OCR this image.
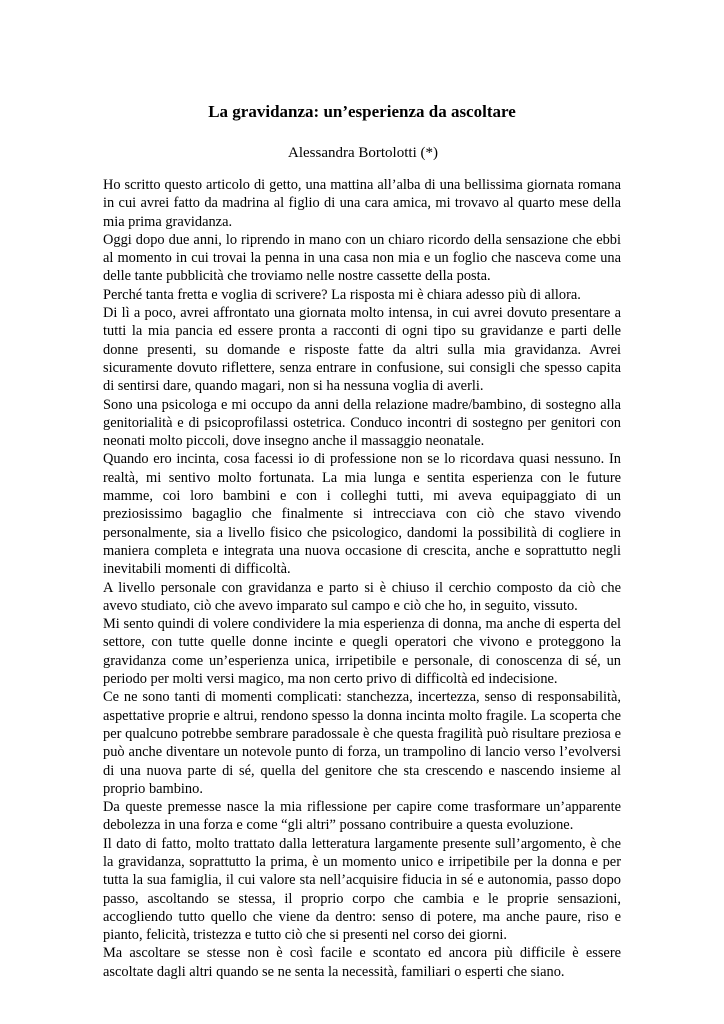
La gravidanza: un’esperienza da ascoltare

Alessandra Bortolotti (*)

Ho scritto questo articolo di getto, una mattina all’alba di una bellissima giornata romana in cui avrei fatto da madrina al figlio di una cara amica, mi trovavo al quarto mese della mia prima gravidanza.

Oggi dopo due anni, lo riprendo in mano con un chiaro ricordo della sensazione che ebbi al momento in cui trovai la penna in una casa non mia e un foglio che nasceva come una delle tante pubblicità che troviamo nelle nostre cassette della posta.

Perché tanta fretta e voglia di scrivere? La risposta mi è chiara adesso più di allora.

Di lì a poco, avrei affrontato una giornata molto intensa, in cui avrei dovuto presentare a tutti la mia pancia ed essere pronta a racconti di ogni tipo su gravidanze e parti delle donne presenti, su domande e risposte fatte da altri sulla mia gravidanza. Avrei sicuramente dovuto riflettere, senza entrare in confusione, sui consigli che spesso capita di sentirsi dare, quando magari, non si ha nessuna voglia di averli.

Sono una psicologa e mi occupo da anni della relazione madre/bambino, di sostegno alla genitorialità e di psicoprofilassi ostetrica. Conduco incontri di sostegno per genitori con neonati molto piccoli, dove insegno anche il massaggio neonatale.

Quando ero incinta, cosa facessi io di professione non se lo ricordava quasi nessuno. In realtà, mi sentivo molto fortunata. La mia lunga e sentita esperienza con le future mamme, coi loro bambini e con i colleghi tutti, mi aveva equipaggiato di un preziosissimo bagaglio che finalmente si intrecciava con ciò che stavo vivendo personalmente, sia a livello fisico che psicologico, dandomi la possibilità di cogliere in maniera completa e integrata una nuova occasione di crescita, anche e soprattutto negli inevitabili momenti di difficoltà.

A livello personale con gravidanza e parto si è chiuso il cerchio composto da ciò che avevo studiato, ciò che avevo imparato sul campo e ciò che ho, in seguito, vissuto.

Mi sento quindi di volere condividere la mia esperienza di donna, ma anche di esperta del settore, con tutte quelle donne incinte e quegli operatori che vivono e proteggono la gravidanza come un’esperienza unica, irripetibile e personale, di conoscenza di sé, un periodo per molti versi magico, ma non certo privo di difficoltà ed indecisione.

Ce ne sono tanti di momenti complicati: stanchezza, incertezza, senso di responsabilità, aspettative proprie e altrui, rendono spesso la donna incinta molto fragile. La scoperta che per qualcuno potrebbe sembrare paradossale è che questa fragilità può risultare preziosa e può anche diventare un notevole punto di forza, un trampolino di lancio verso l’evolversi di una nuova parte di sé, quella del genitore che sta crescendo e nascendo insieme al proprio bambino.

Da queste premesse nasce la mia riflessione per capire come trasformare un’apparente debolezza in una forza e come “gli altri” possano contribuire a questa evoluzione.

Il dato di fatto, molto trattato dalla letteratura largamente presente sull’argomento, è che la gravidanza, soprattutto la prima, è un momento unico e irripetibile per la donna e per tutta la sua famiglia, il cui valore sta nell’acquisire fiducia in sé e autonomia, passo dopo passo, ascoltando se stessa, il proprio corpo che cambia e le proprie sensazioni, accogliendo tutto quello che viene da dentro: senso di potere, ma anche paure, riso e pianto, felicità, tristezza e tutto ciò che si presenti nel corso dei giorni.

Ma ascoltare se stesse non è così facile e scontato ed ancora più difficile è essere ascoltate dagli altri quando se ne senta la necessità, familiari o esperti che siano.
